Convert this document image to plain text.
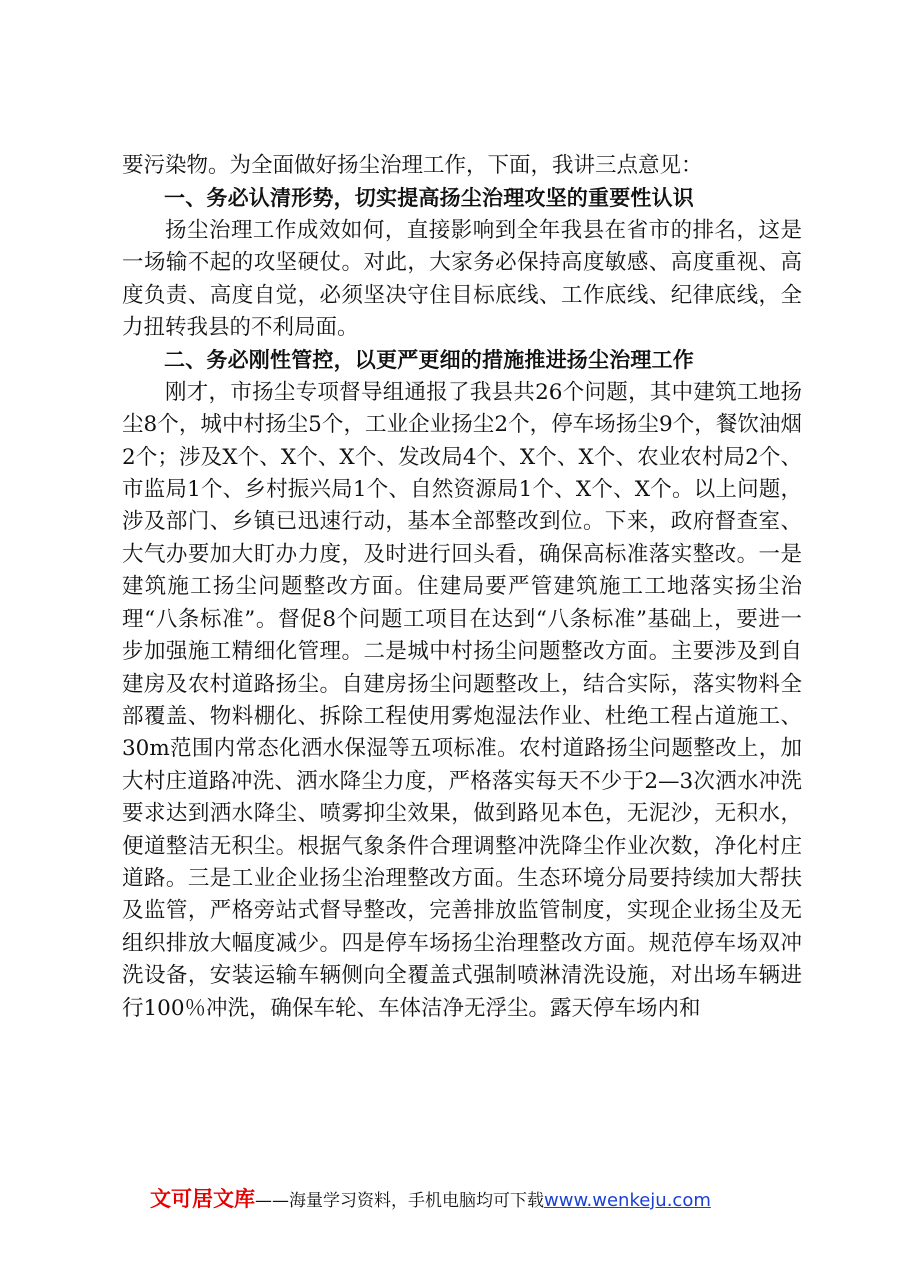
要污染物。为全面做好扬尘治理工作，下面，我讲三点意见：

一、务必认清形势，切实提高扬尘治理攻坚的重要性认识

扬尘治理工作成效如何，直接影响到全年我县在省市的排名，这是一场输不起的攻坚硬仗。对此，大家务必保持高度敏感、高度重视、高度负责、高度自觉，必须坚决守住目标底线、工作底线、纪律底线，全力扭转我县的不利局面。

二、务必刚性管控，以更严更细的措施推进扬尘治理工作

刚才，市扬尘专项督导组通报了我县共26个问题，其中建筑工地扬尘8个，城中村扬尘5个，工业企业扬尘2个，停车场扬尘9个，餐饮油烟2个；涉及X个、X个、X个、发改局4个、X个、X个、农业农村局2个、市监局1个、乡村振兴局1个、自然资源局1个、X个、X个。以上问题，涉及部门、乡镇已迅速行动，基本全部整改到位。下来，政府督查室、大气办要加大盯办力度，及时进行回头看，确保高标准落实整改。一是建筑施工扬尘问题整改方面。住建局要严管建筑施工工地落实扬尘治理“八条标准”。督促8个问题工项目在达到“八条标准”基础上，要进一步加强施工精细化管理。二是城中村扬尘问题整改方面。主要涉及到自建房及农村道路扬尘。自建房扬尘问题整改上，结合实际，落实物料全部覆盖、物料棚化、拆除工程使用雾炮湿法作业、杜绝工程占道施工、30m范围内常态化洒水保湿等五项标准。农村道路扬尘问题整改上，加大村庄道路冲洗、洒水降尘力度，严格落实每天不少于2—3次洒水冲洗要求达到洒水降尘、喷雾抑尘效果，做到路见本色，无泥沙，无积水，便道整洁无积尘。根据气象条件合理调整冲洗降尘作业次数，净化村庄道路。三是工业企业扬尘治理整改方面。生态环境分局要持续加大帮扶及监管，严格旁站式督导整改，完善排放监管制度，实现企业扬尘及无组织排放大幅度减少。四是停车场扬尘治理整改方面。规范停车场双冲洗设备，安装运输车辆侧向全覆盖式强制喷淋清洗设施，对出场车辆进行100％冲洗，确保车轮、车体洁净无浮尘。露天停车场内和

文可居文库 —— 海量学习资料，手机电脑均可下载 www.wenkeju.com
